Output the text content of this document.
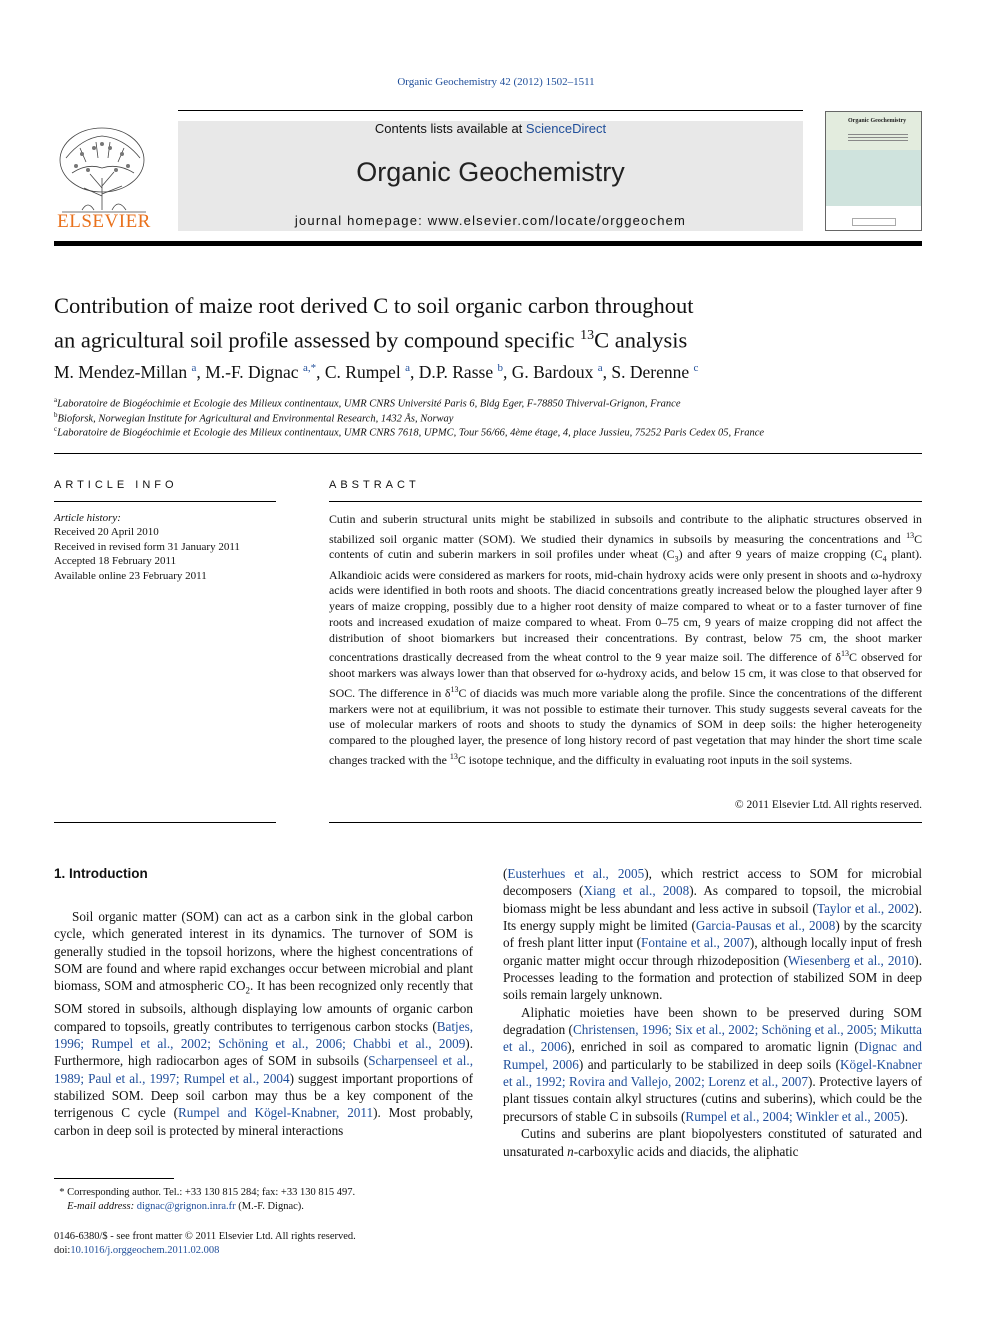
Organic Geochemistry 42 (2012) 1502–1511
ELSEVIER
Contents lists available at ScienceDirect
Organic Geochemistry
journal homepage: www.elsevier.com/locate/orggeochem
Organic Geochemistry
Contribution of maize root derived C to soil organic carbon throughout
an agricultural soil profile assessed by compound specific $^{13}$C analysis
M. Mendez-Millan $^a$, M.-F. Dignac $^{a,*}$, C. Rumpel $^a$, D.P. Rasse $^b$, G. Bardoux $^a$, S. Derenne $^c$
$^a$Laboratoire de Biogéochimie et Ecologie des Milieux continentaux, UMR CNRS Université Paris 6, Bldg Eger, F-78850 Thiverval-Grignon, France
$^b$Bioforsk, Norwegian Institute for Agricultural and Environmental Research, 1432 Ås, Norway
$^c$Laboratoire de Biogéochimie et Ecologie des Milieux continentaux, UMR CNRS 7618, UPMC, Tour 56/66, 4ème étage, 4, place Jussieu, 75252 Paris Cedex 05, France
ARTICLE INFO	ABSTRACT
Article history:
Received 20 April 2010
Received in revised form 31 January 2011
Accepted 18 February 2011
Available online 23 February 2011
Cutin and suberin structural units might be stabilized in subsoils and contribute to the aliphatic structures observed in stabilized soil organic matter (SOM). We studied their dynamics in subsoils by measuring the concentrations and $^{13}$C contents of cutin and suberin markers in soil profiles under wheat $(C_3)$ and after 9 years of maize cropping ($C_4$ plant). Alkandioic acids were considered as markers for roots, mid-chain hydroxy acids were only present in shoots and ω-hydroxy acids were identified in both roots and shoots. The diacid concentrations greatly increased below the ploughed layer after 9 years of maize cropping, possibly due to a higher root density of maize compared to wheat or to a faster turnover of fine roots and increased exudation of maize compared to wheat. From 0–75 cm, 9 years of maize cropping did not affect the distribution of shoot biomarkers but increased their concentrations. By contrast, below 75 cm, the shoot marker concentrations drastically decreased from the wheat control to the 9 year maize soil. The difference of $\delta^{13}C$ observed for shoot markers was always lower than that observed for ω-hydroxy acids, and below 15 cm, it was close to that observed for SOC. The difference in $\delta^{13}C$ of diacids was much more variable along the profile. Since the concentrations of the different markers were not at equilibrium, it was not possible to estimate their turnover. This study suggests several caveats for the use of molecular markers of roots and shoots to study the dynamics of SOM in deep soils: the higher heterogeneity compared to the ploughed layer, the presence of long history record of past vegetation that may hinder the short time scale changes tracked with the $^{13}$C isotope technique, and the difficulty in evaluating root inputs in the soil systems.
© 2011 Elsevier Ltd. All rights reserved.
1. Introduction

Soil organic matter (SOM) can act as a carbon sink in the global carbon cycle, which generated interest in its dynamics. The turnover of SOM is generally studied in the topsoil horizons, where the highest concentrations of SOM are found and where rapid exchanges occur between microbial and plant biomass, SOM and atmospheric $CO_2$. It has been recognized only recently that SOM stored in subsoils, although displaying low amounts of organic carbon compared to topsoils, greatly contributes to terrigenous carbon stocks (Batjes, 1996; Rumpel et al., 2002; Schöning et al., 2006; Chabbi et al., 2009). Furthermore, high radiocarbon ages of SOM in subsoils (Scharpenseel et al., 1989; Paul et al., 1997; Rumpel et al., 2004) suggest important proportions of stabilized SOM. Deep soil carbon may thus be a key component of the terrigenous C cycle (Rumpel and Kögel-Knabner, 2011). Most probably, carbon in deep soil is protected by mineral interactions

(Eusterhues et al., 2005), which restrict access to SOM for microbial decomposers (Xiang et al., 2008). As compared to topsoil, the microbial biomass might be less abundant and less active in subsoil (Taylor et al., 2002). Its energy supply might be limited (Garcia-Pausas et al., 2008) by the scarcity of fresh plant litter input (Fontaine et al., 2007), although locally input of fresh organic matter might occur through rhizodeposition (Wiesenberg et al., 2010). Processes leading to the formation and protection of stabilized SOM in deep soils remain largely unknown.

Aliphatic moieties have been shown to be preserved during SOM degradation (Christensen, 1996; Six et al., 2002; Schöning et al., 2005; Mikutta et al., 2006), enriched in soil as compared to aromatic lignin (Dignac and Rumpel, 2006) and particularly to be stabilized in deep soils (Kögel-Knabner et al., 1992; Rovira and Vallejo, 2002; Lorenz et al., 2007). Protective layers of plant tissues contain alkyl structures (cutins and suberins), which could be the precursors of stable C in subsoils (Rumpel et al., 2004; Winkler et al., 2005).

Cutins and suberins are plant biopolyesters constituted of saturated and unsaturated n-carboxylic acids and diacids, the aliphatic

* Corresponding author. Tel.: +33 130 815 284; fax: +33 130 815 497.
E-mail address: dignac@grignon.inra.fr (M.-F. Dignac).
0146-6380/$ - see front matter © 2011 Elsevier Ltd. All rights reserved.
doi:10.1016/j.orggeochem.2011.02.008
